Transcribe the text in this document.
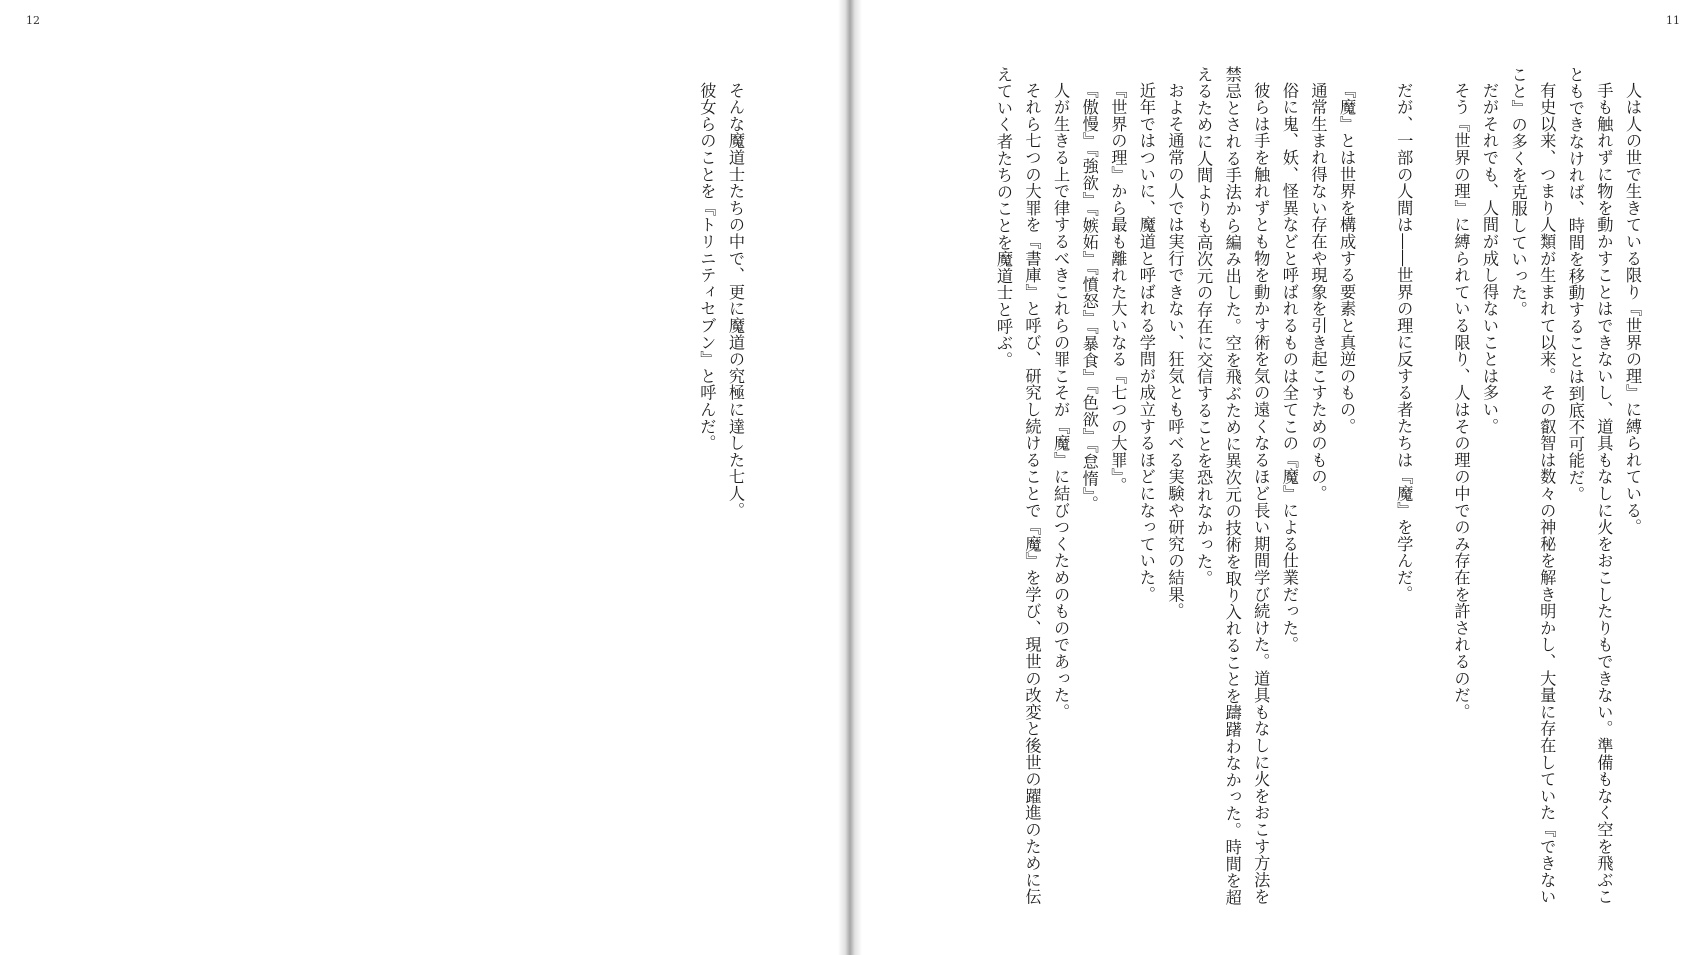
12

そんな魔道士たちの中で、更に魔道の究極に達した七人。

彼女らのことを『トリニティセブン』と呼んだ。

11

人は人の世で生きている限り『世界の理』に縛られている。

手も触れずに物を動かすことはできないし、道具もなしに火をおこしたりもできない。準備もなく空を飛ぶこともできなければ、時間を移動することは到底不可能だ。

有史以来、つまり人類が生まれて以来。その叡智は数々の神秘を解き明かし、大量に存在していた『できないこと』の多くを克服していった。

だがそれでも、人間が成し得ないことは多い。

そう『世界の理』に縛られている限り、人はその理の中でのみ存在を許されるのだ。

だが、一部の人間は――世界の理に反する者たちは『魔』を学んだ。

『魔』とは世界を構成する要素と真逆のもの。

通常生まれ得ない存在や現象を引き起こすためのもの。

俗に鬼、妖、怪異などと呼ばれるものは全てこの『魔』による仕業だった。

彼らは手を触れずとも物を動かす術を気の遠くなるほど長い期間学び続けた。道具もなしに火をおこす方法を禁忌とされる手法から編み出した。空を飛ぶために異次元の技術を取り入れることを躊躇わなかった。時間を超えるために人間よりも高次元の存在に交信することを恐れなかった。

およそ通常の人では実行できない、狂気とも呼べる実験や研究の結果。

近年ではついに、魔道と呼ばれる学問が成立するほどになっていた。

『世界の理』から最も離れた大いなる『七つの大罪』。

『傲慢』『強欲』『嫉妬』『憤怒』『暴食』『色欲』『怠惰』。

人が生きる上で律するべきこれらの罪こそが『魔』に結びつくためのものであった。

それら七つの大罪を『書庫』と呼び、研究し続けることで『魔』を学び、現世の改変と後世の躍進のために伝えていく者たちのことを魔道士と呼ぶ。
